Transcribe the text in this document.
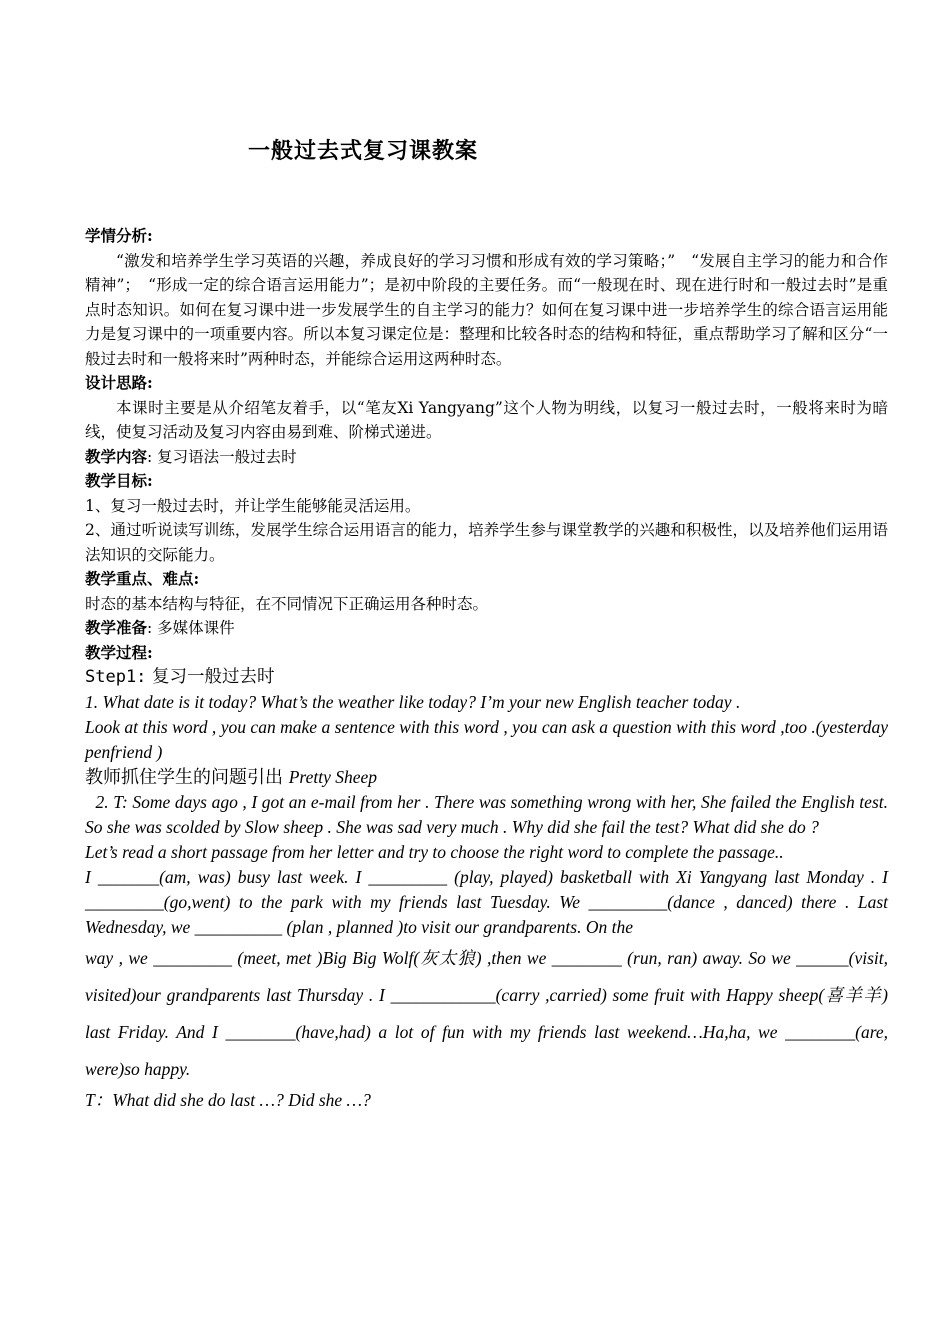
一般过去式复习课教案

学情分析:

“激发和培养学生学习英语的兴趣，养成良好的学习习惯和形成有效的学习策略；”　“发展自主学习的能力和合作精神”；　“形成一定的综合语言运用能力”；是初中阶段的主要任务。而“一般现在时、现在进行时和一般过去时”是重点时态知识。如何在复习课中进一步发展学生的自主学习的能力？如何在复习课中进一步培养学生的综合语言运用能力是复习课中的一项重要内容。所以本复习课定位是：整理和比较各时态的结构和特征，重点帮助学习了解和区分“一般过去时和一般将来时”两种时态，并能综合运用这两种时态。

设计思路:

本课时主要是从介绍笔友着手，以“笔友Xi Yangyang”这个人物为明线，以复习一般过去时，一般将来时为暗线，使复习活动及复习内容由易到难、阶梯式递进。

教学内容: 复习语法一般过去时

教学目标:

1、复习一般过去时，并让学生能够能灵活运用。

2、通过听说读写训练，发展学生综合运用语言的能力，培养学生参与课堂教学的兴趣和积极性，以及培养他们运用语法知识的交际能力。

教学重点、难点:

时态的基本结构与特征，在不同情况下正确运用各种时态。

教学准备: 多媒体课件

教学过程:

Step1: 复习一般过去时

1. What date is it today? What’s the weather like today? I’m your new English teacher today .

Look at this word , you can make a sentence with this word , you can ask a question with this word ,too .(yesterday penfriend )

教师抓住学生的问题引出 Pretty Sheep

2. T: Some days ago , I got an e-mail from her . There was something wrong with her, She failed the English test. So she was scolded by Slow sheep . She was sad very much . Why did she fail the test? What did she do ?

Let’s read a short passage from her letter and try to choose the right word to complete the passage..

I _______(am, was) busy last week. I _________ (play, played) basketball with Xi Yangyang last Monday . I _________(go,went) to the park with my friends last Tuesday. We _________(dance , danced) there . Last Wednesday, we __________ (plan , planned )to visit our grandparents. On the

way , we _________ (meet, met )Big Big Wolf(灰太狼) ,then we ________ (run, ran) away. So we ______(visit, visited)our grandparents last Thursday . I ____________(carry ,carried) some fruit with Happy sheep(喜羊羊) last Friday. And I ________(have,had) a lot of fun with my friends last weekend…Ha,ha, we ________(are, were)so happy.

T：What did she do last …? Did she …?
